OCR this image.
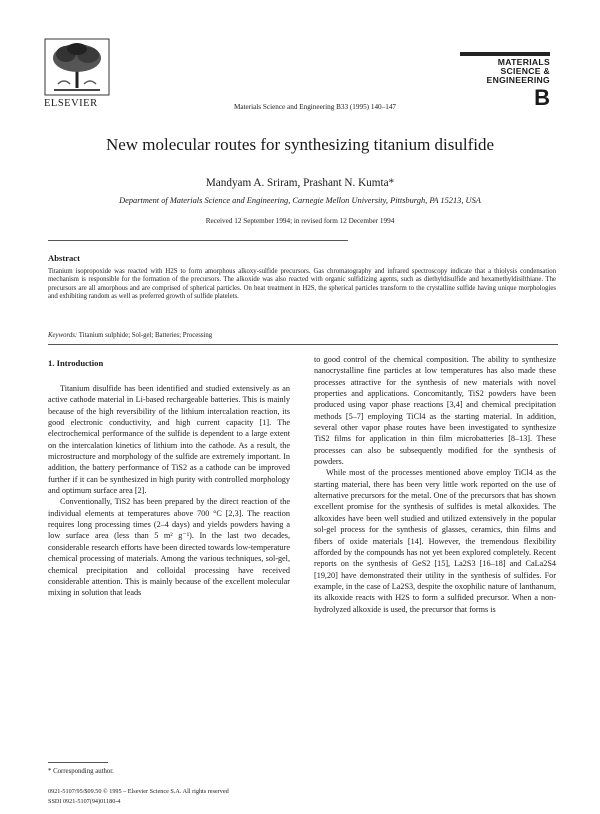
ELSEVIER	Materials Science and Engineering B33 (1995) 140–147
MATERIALS
SCIENCE &
ENGINEERING
B
New molecular routes for synthesizing titanium disulfide
Mandyam A. Sriram, Prashant N. Kumta*
Department of Materials Science and Engineering, Carnegie Mellon University, Pittsburgh, PA 15213, USA
Received 12 September 1994; in revised form 12 December 1994
Abstract
Titanium isopropoxide was reacted with H2S to form amorphous alkoxy-sulfide precursors. Gas chromatography and infrared spectroscopy indicate that a thiolysis condensation mechanism is responsible for the formation of the precursors. The alkoxide was also reacted with organic sulfidizing agents, such as diethyldisulfide and hexamethyldisilthiane. The precursors are all amorphous and are comprised of spherical particles. On heat treatment in H2S, the spherical particles transform to the crystalline sulfide having unique morphologies and exhibiting random as well as preferred growth of sulfide platelets.
Keywords: Titanium sulphide; Sol-gel; Batteries; Processing
1. Introduction

Titanium disulfide has been identified and studied extensively as an active cathode material in Li-based rechargeable batteries. This is mainly because of the high reversibility of the lithium intercalation reaction, its good electronic conductivity, and high current capacity [1]. The electrochemical performance of the sulfide is dependent to a large extent on the intercalation kinetics of lithium into the cathode. As a result, the microstructure and morphology of the sulfide are extremely important. In addition, the battery performance of TiS2 as a cathode can be improved further if it can be synthesized in high purity with controlled morphology and optimum surface area [2].

Conventionally, TiS2 has been prepared by the direct reaction of the individual elements at temperatures above 700 °C [2,3]. The reaction requires long processing times (2–4 days) and yields powders having a low surface area (less than 5 m² g⁻¹). In the last two decades, considerable research efforts have been directed towards low-temperature chemical processing of materials. Among the various techniques, sol-gel, chemical precipitation and colloidal processing have received considerable attention. This is mainly because of the excellent molecular mixing in solution that leads

to good control of the chemical composition. The ability to synthesize nanocrystalline fine particles at low temperatures has also made these processes attractive for the synthesis of new materials with novel properties and applications. Concomitantly, TiS2 powders have been produced using vapor phase reactions [3,4] and chemical precipitation methods [5–7] employing TiCl4 as the starting material. In addition, several other vapor phase routes have been investigated to synthesize TiS2 films for application in thin film microbatteries [8–13]. These processes can also be subsequently modified for the synthesis of powders.

While most of the processes mentioned above employ TiCl4 as the starting material, there has been very little work reported on the use of alternative precursors for the metal. One of the precursors that has shown excellent promise for the synthesis of sulfides is metal alkoxides. The alkoxides have been well studied and utilized extensively in the popular sol-gel process for the synthesis of glasses, ceramics, thin films and fibers of oxide materials [14]. However, the tremendous flexibility afforded by the compounds has not yet been explored completely. Recent reports on the synthesis of GeS2 [15], La2S3 [16–18] and CaLa2S4 [19,20] have demonstrated their utility in the synthesis of sulfides. For example, in the case of La2S3, despite the oxophilic nature of lanthanum, its alkoxide reacts with H2S to form a sulfided precursor. When a non-hydrolyzed alkoxide is used, the precursor that forms is

* Corresponding author.
0921-5107/95/$09.50 © 1995 – Elsevier Science S.A. All rights reserved
SSDI 0921-5107(94)01180-4
